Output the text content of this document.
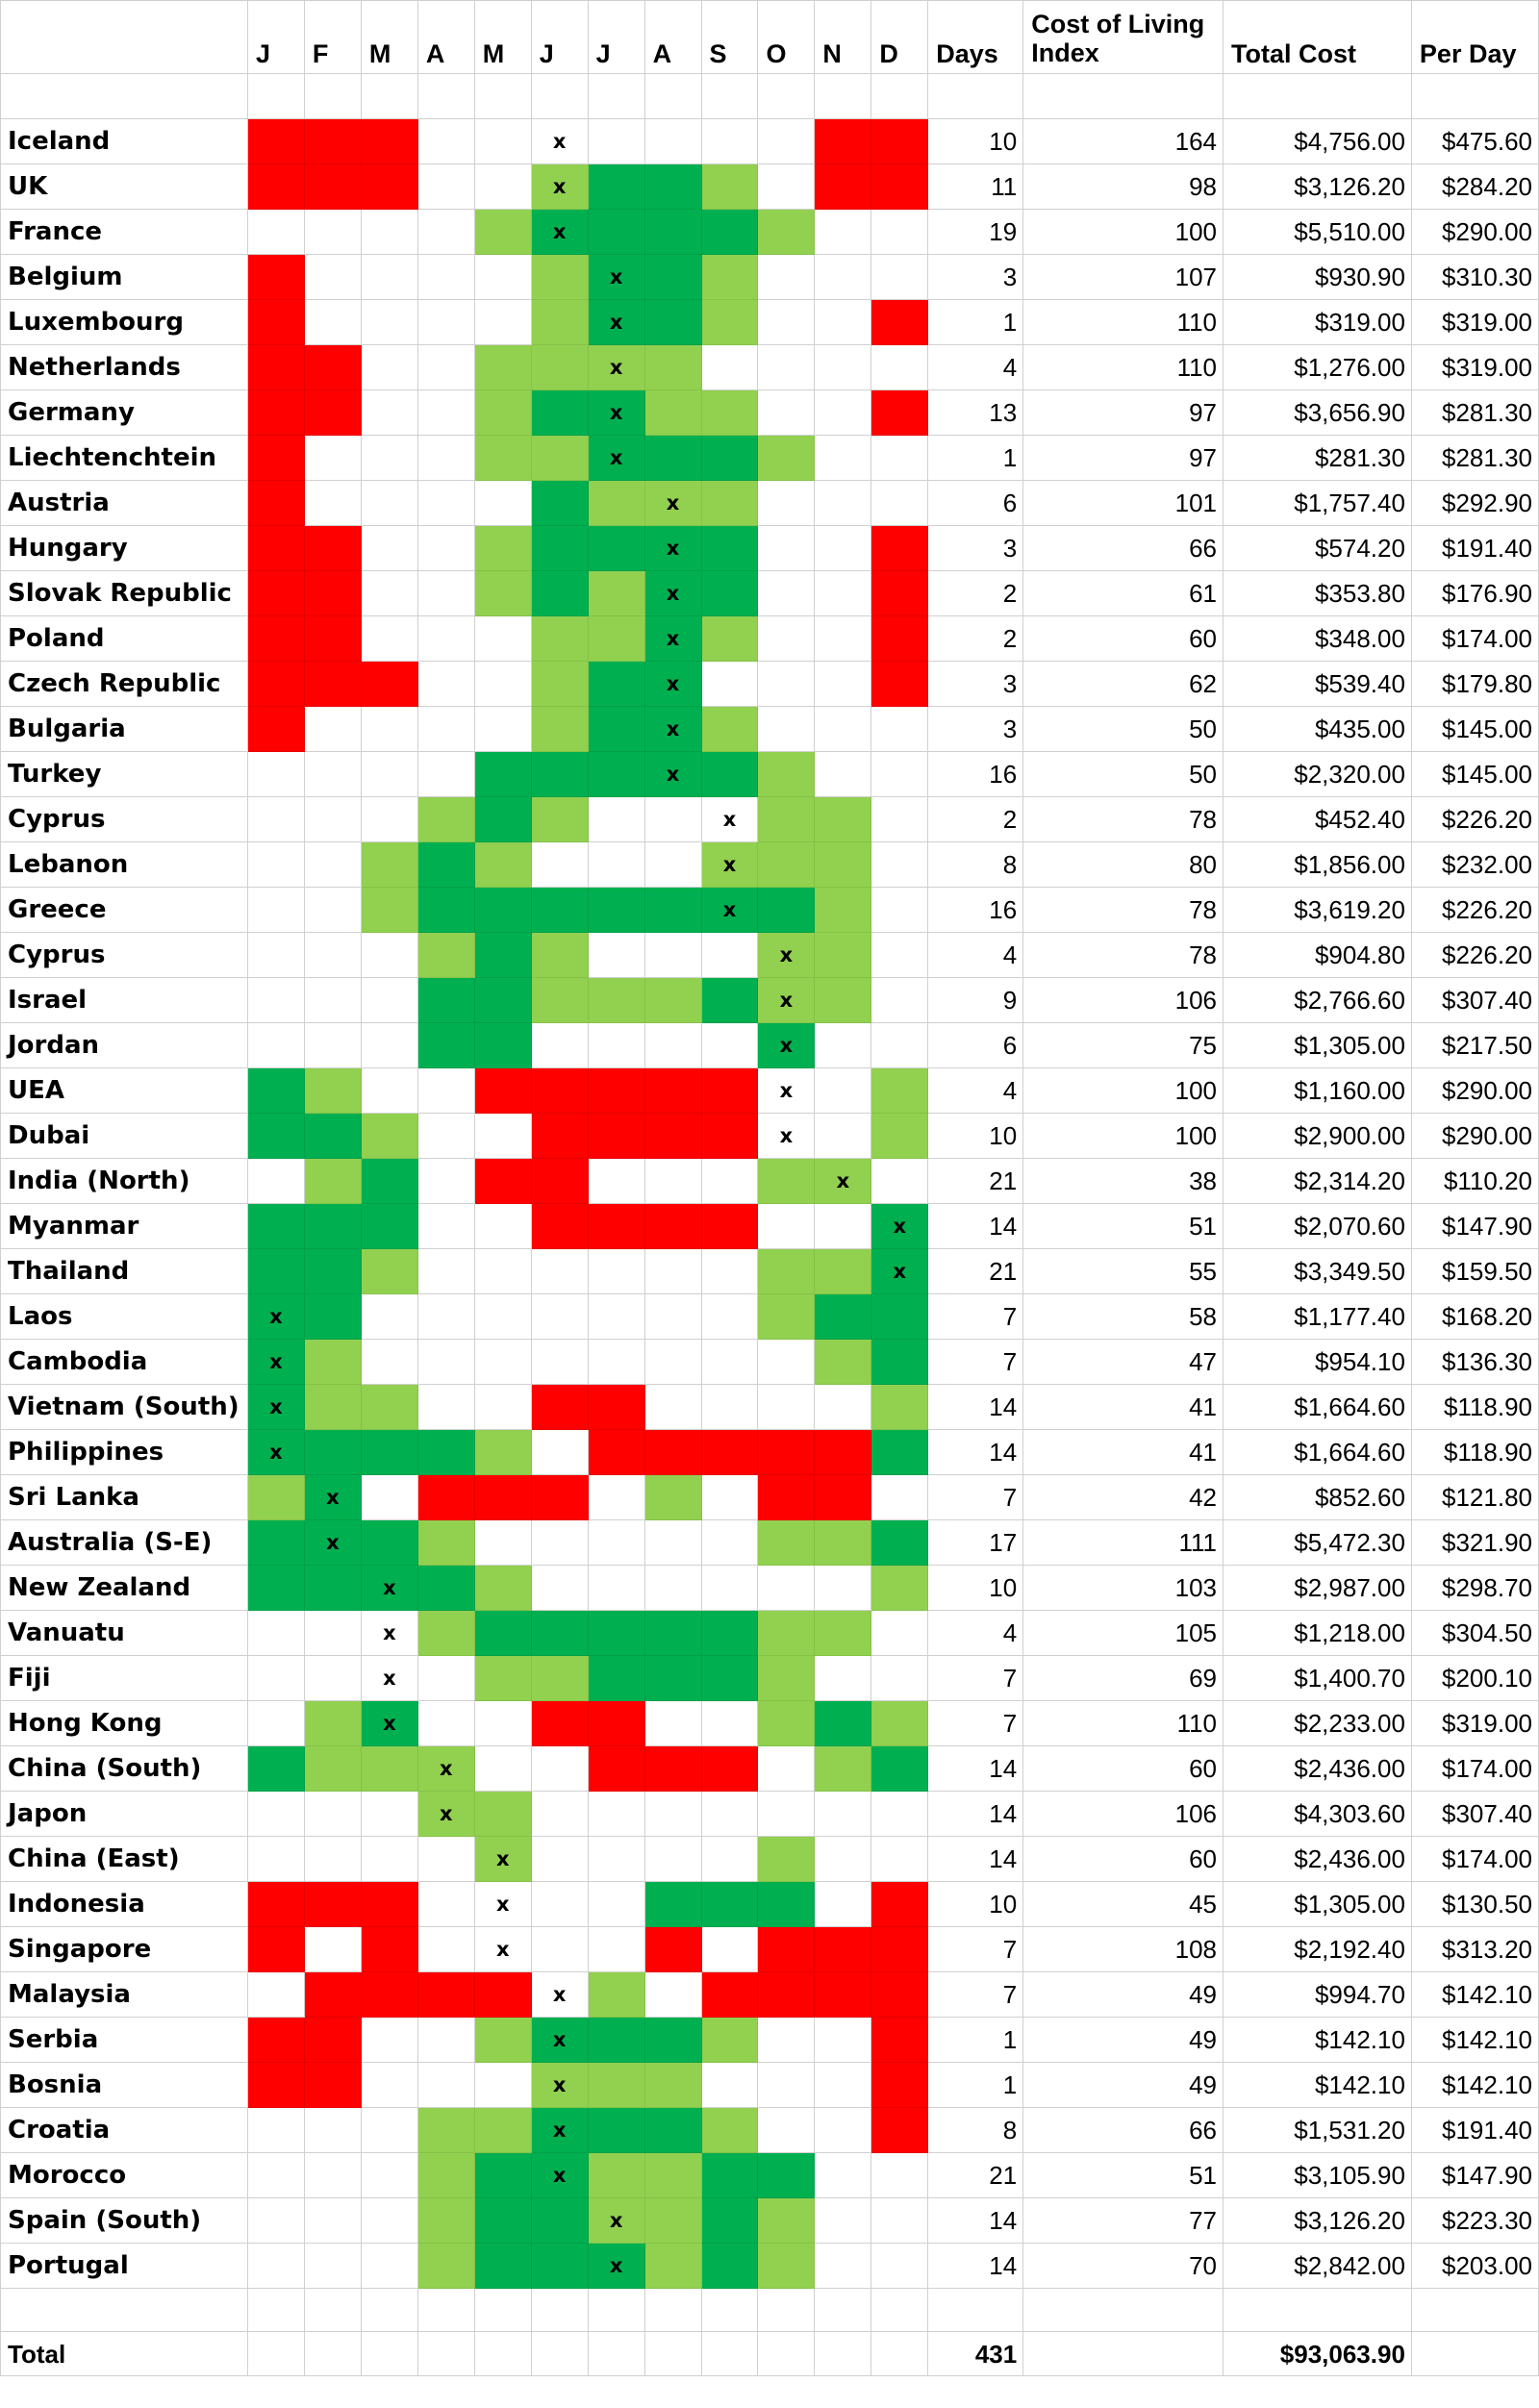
	J	F	M	A	M	J	J	A	S	O	N	D	Days	Cost of Living Index	Total Cost	Per Day

Iceland						x							10	164	$4,756.00	$475.60
UK						x							11	98	$3,126.20	$284.20
France						x							19	100	$5,510.00	$290.00
Belgium							x						3	107	$930.90	$310.30
Luxembourg							x						1	110	$319.00	$319.00
Netherlands							x						4	110	$1,276.00	$319.00
Germany							x						13	97	$3,656.90	$281.30
Liechtenchtein							x						1	97	$281.30	$281.30
Austria								x					6	101	$1,757.40	$292.90
Hungary								x					3	66	$574.20	$191.40
Slovak Republic								x					2	61	$353.80	$176.90
Poland								x					2	60	$348.00	$174.00
Czech Republic								x					3	62	$539.40	$179.80
Bulgaria								x					3	50	$435.00	$145.00
Turkey								x					16	50	$2,320.00	$145.00
Cyprus									x				2	78	$452.40	$226.20
Lebanon									x				8	80	$1,856.00	$232.00
Greece									x				16	78	$3,619.20	$226.20
Cyprus										x			4	78	$904.80	$226.20
Israel										x			9	106	$2,766.60	$307.40
Jordan										x			6	75	$1,305.00	$217.50
UEA										x			4	100	$1,160.00	$290.00
Dubai										x			10	100	$2,900.00	$290.00
India (North)											x		21	38	$2,314.20	$110.20
Myanmar												x	14	51	$2,070.60	$147.90
Thailand												x	21	55	$3,349.50	$159.50
Laos	x												7	58	$1,177.40	$168.20
Cambodia	x												7	47	$954.10	$136.30
Vietnam (South)	x												14	41	$1,664.60	$118.90
Philippines	x												14	41	$1,664.60	$118.90
Sri Lanka		x											7	42	$852.60	$121.80
Australia (S-E)		x											17	111	$5,472.30	$321.90
New Zealand			x										10	103	$2,987.00	$298.70
Vanuatu			x										4	105	$1,218.00	$304.50
Fiji			x										7	69	$1,400.70	$200.10
Hong Kong			x										7	110	$2,233.00	$319.00
China (South)				x									14	60	$2,436.00	$174.00
Japon				x									14	106	$4,303.60	$307.40
China (East)					x								14	60	$2,436.00	$174.00
Indonesia					x								10	45	$1,305.00	$130.50
Singapore					x								7	108	$2,192.40	$313.20
Malaysia						x							7	49	$994.70	$142.10
Serbia						x							1	49	$142.10	$142.10
Bosnia						x							1	49	$142.10	$142.10
Croatia						x							8	66	$1,531.20	$191.40
Morocco						x							21	51	$3,105.90	$147.90
Spain (South)							x						14	77	$3,126.20	$223.30
Portugal							x						14	70	$2,842.00	$203.00

Total													431		$93,063.90	
